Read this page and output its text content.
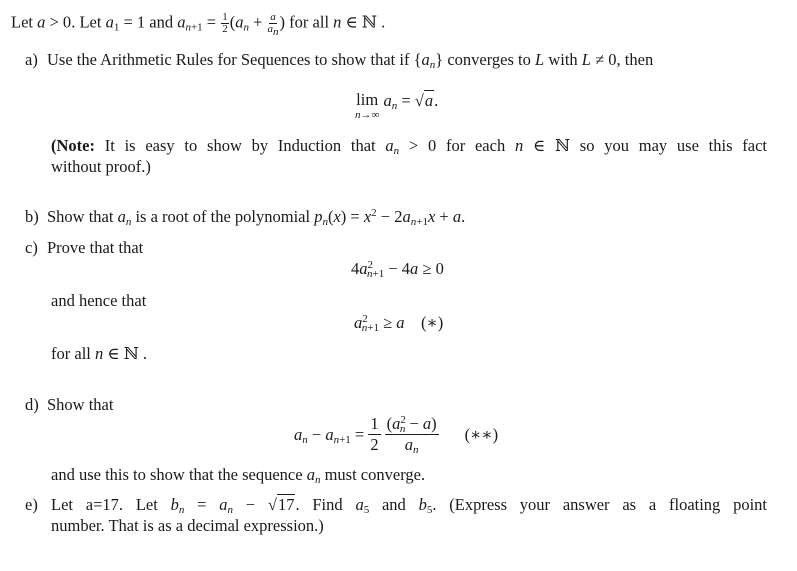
Let a > 0. Let $a_1 = 1$ and $a_{n+1} = \frac{1}{2} (a_n + \frac{a}{a_n}$ ) for all n ∈ ℕ .
a) Use the Arithmetic Rules for Sequences to show that if $\{a_n\}$ converges to L with L ≠ 0, then
lim
n→∞
$a_n = √a$.
(Note: It is easy to show by Induction that $a_n > 0$ for each n ∈ ℕ so you may use this fact
without proof.)
b) Show that $a_n$ is a root of the polynomial $p_n(x) = x^2 - 2a_{n+1}x + a$.
c) Prove that that
$4a^2_{n+1} - 4a \ge 0$
and hence that
$a^2_{n+1} \ge a$ (∗)
for all n ∈ ℕ .
d) Show that
$a_n - a_{n+1} = \frac{1}{2} \frac{(a^2_n - a)}{a_n}$ (∗∗)
and use this to show that the sequence $a_n$ must converge.
e) Let a=17. Let $b_n = a_n - √17$. Find $a_5$ and $b_5$. (Express your answer as a floating point
number. That is as a decimal expression.)
